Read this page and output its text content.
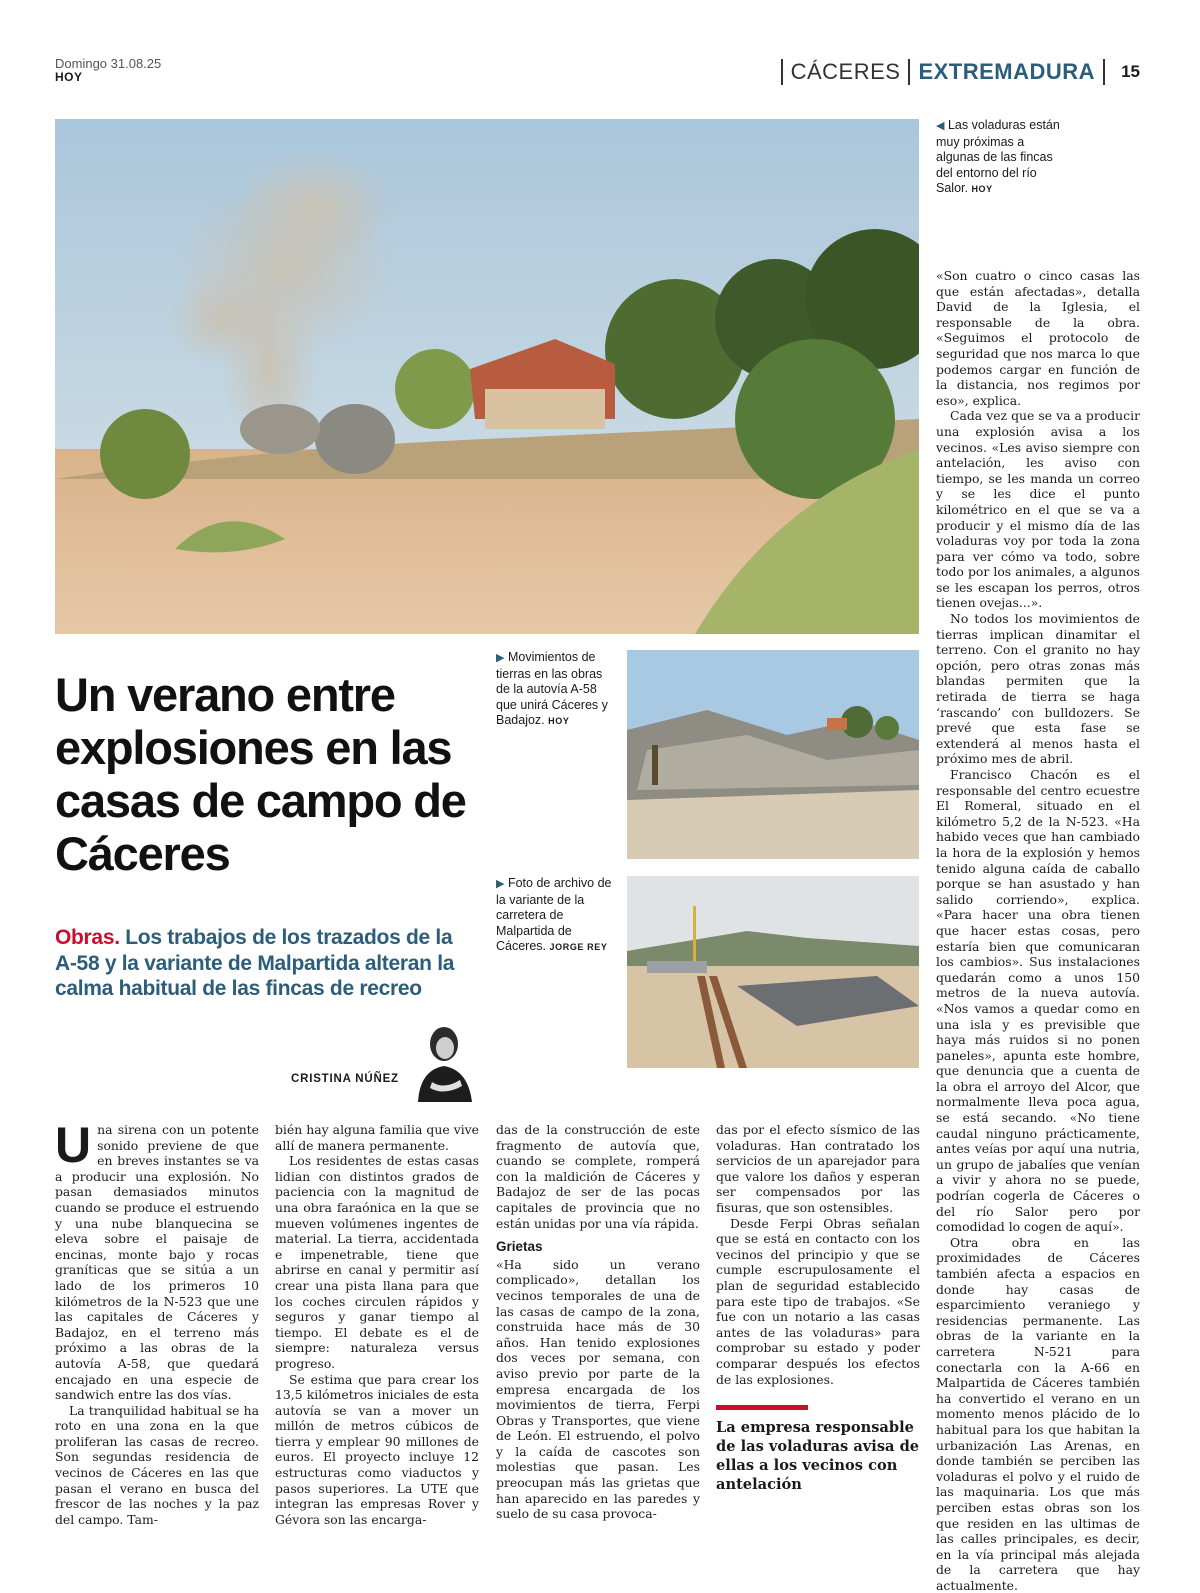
Domingo 31.08.25
HOY	CÁCERES EXTREMADURA 15
◀ Las voladuras están muy próximas a algunas de las fincas del entorno del río Salor. HOY
▶ Movimientos de tierras en las obras de la autovía A-58 que unirá Cáceres y Badajoz. HOY
▶ Foto de archivo de la variante de la carretera de Malpartida de Cáceres. JORGE REY
Un verano entre explosiones en las casas de campo de Cáceres
Obras. Los trabajos de los trazados de la A-58 y la variante de Malpartida alteran la calma habitual de las fincas de recreo
CRISTINA NÚÑEZ

Una sirena con un potente sonido previene de que en breves instantes se va a producir una explosión. No pasan demasiados minutos cuando se produce el estruendo y una nube blanquecina se eleva sobre el paisaje de encinas, monte bajo y rocas graníticas que se sitúa a un lado de los primeros 10 kilómetros de la N-523 que une las capitales de Cáceres y Badajoz, en el terreno más próximo a las obras de la autovía A-58, que quedará encajado en una especie de sandwich entre las dos vías.

La tranquilidad habitual se ha roto en una zona en la que proliferan las casas de recreo. Son segundas residencia de vecinos de Cáceres en las que pasan el verano en busca del frescor de las noches y la paz del campo. Tam-

bién hay alguna familia que vive allí de manera permanente.

Los residentes de estas casas lidian con distintos grados de paciencia con la magnitud de una obra faraónica en la que se mueven volúmenes ingentes de material. La tierra, accidentada e impenetrable, tiene que abrirse en canal y permitir así crear una pista llana para que los coches circulen rápidos y seguros y ganar tiempo al tiempo. El debate es el de siempre: naturaleza versus progreso.

Se estima que para crear los 13,5 kilómetros iniciales de esta autovía se van a mover un millón de metros cúbicos de tierra y emplear 90 millones de euros. El proyecto incluye 12 estructuras como viaductos y pasos superiores. La UTE que integran las empresas Rover y Gévora son las encarga-

das de la construcción de este fragmento de autovía que, cuando se complete, romperá con la maldición de Cáceres y Badajoz de ser de las pocas capitales de provincia que no están unidas por una vía rápida.

Grietas

«Ha sido un verano complicado», detallan los vecinos temporales de una de las casas de campo de la zona, construida hace más de 30 años. Han tenido explosiones dos veces por semana, con aviso previo por parte de la empresa encargada de los movimientos de tierra, Ferpi Obras y Transportes, que viene de León. El estruendo, el polvo y la caída de cascotes son molestias que pasan. Les preocupan más las grietas que han aparecido en las paredes y suelo de su casa provoca-

das por el efecto sísmico de las voladuras. Han contratado los servicios de un aparejador para que valore los daños y esperan ser compensados por las fisuras, que son ostensibles.

Desde Ferpi Obras señalan que se está en contacto con los vecinos del principio y que se cumple escrupulosamente el plan de seguridad establecido para este tipo de trabajos. «Se fue con un notario a las casas antes de las voladuras» para comprobar su estado y poder comparar después los efectos de las explosiones.

La empresa responsable de las voladuras avisa de ellas a los vecinos con antelación

«Son cuatro o cinco casas las que están afectadas», detalla David de la Iglesia, el responsable de la obra. «Seguimos el protocolo de seguridad que nos marca lo que podemos cargar en función de la distancia, nos regimos por eso», explica.

Cada vez que se va a producir una explosión avisa a los vecinos. «Les aviso siempre con antelación, les aviso con tiempo, se les manda un correo y se les dice el punto kilométrico en el que se va a producir y el mismo día de las voladuras voy por toda la zona para ver cómo va todo, sobre todo por los animales, a algunos se les escapan los perros, otros tienen ovejas...».

No todos los movimientos de tierras implican dinamitar el terreno. Con el granito no hay opción, pero otras zonas más blandas permiten que la retirada de tierra se haga ‘rascando’ con bulldozers. Se prevé que esta fase se extenderá al menos hasta el próximo mes de abril.

Francisco Chacón es el responsable del centro ecuestre El Romeral, situado en el kilómetro 5,2 de la N-523. «Ha habido veces que han cambiado la hora de la explosión y hemos tenido alguna caída de caballo porque se han asustado y han salido corriendo», explica. «Para hacer una obra tienen que hacer estas cosas, pero estaría bien que comunicaran los cambios». Sus instalaciones quedarán como a unos 150 metros de la nueva autovía. «Nos vamos a quedar como en una isla y es previsible que haya más ruidos si no ponen paneles», apunta este hombre, que denuncia que a cuenta de la obra el arroyo del Alcor, que normalmente lleva poca agua, se está secando. «No tiene caudal ninguno prácticamente, antes veías por aquí una nutria, un grupo de jabalíes que venían a vivir y ahora no se puede, podrían cogerla de Cáceres o del río Salor pero por comodidad lo cogen de aquí».

Otra obra en las proximidades de Cáceres también afecta a espacios en donde hay casas de esparcimiento veraniego y residencias permanente. Las obras de la variante en la carretera N-521 para conectarla con la A-66 en Malpartida de Cáceres también ha convertido el verano en un momento menos plácido de lo habitual para los que habitan la urbanización Las Arenas, en donde también se perciben las voladuras el polvo y el ruido de las maquinaria. Los que más perciben estas obras son los que residen en las ultimas de las calles principales, es decir, en la vía principal más alejada de la carretera que hay actualmente.
